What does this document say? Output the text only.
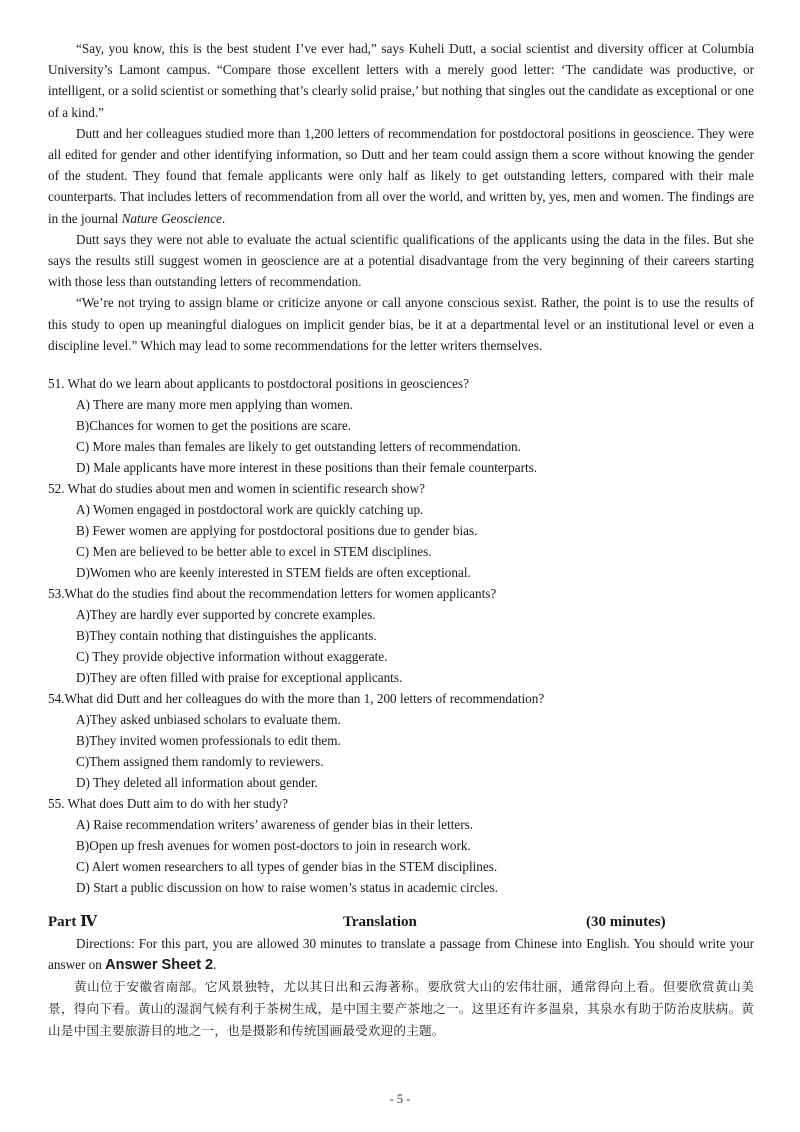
“Say, you know, this is the best student I’ve ever had,” says Kuheli Dutt, a social scientist and diversity officer at Columbia University’s Lamont campus. “Compare those excellent letters with a merely good letter: ‘The candidate was productive, or intelligent, or a solid scientist or something that’s clearly solid praise,’ but nothing that singles out the candidate as exceptional or one of a kind.”

Dutt and her colleagues studied more than 1,200 letters of recommendation for postdoctoral positions in geoscience. They were all edited for gender and other identifying information, so Dutt and her team could assign them a score without knowing the gender of the student. They found that female applicants were only half as likely to get outstanding letters, compared with their male counterparts. That includes letters of recommendation from all over the world, and written by, yes, men and women. The findings are in the journal Nature Geoscience.

Dutt says they were not able to evaluate the actual scientific qualifications of the applicants using the data in the files. But she says the results still suggest women in geoscience are at a potential disadvantage from the very beginning of their careers starting with those less than outstanding letters of recommendation.

“We’re not trying to assign blame or criticize anyone or call anyone conscious sexist. Rather, the point is to use the results of this study to open up meaningful dialogues on implicit gender bias, be it at a departmental level or an institutional level or even a discipline level.” Which may lead to some recommendations for the letter writers themselves.

51. What do we learn about applicants to postdoctoral positions in geosciences?

A) There are many more men applying than women.

B)Chances for women to get the positions are scare.

C) More males than females are likely to get outstanding letters of recommendation.

D) Male applicants have more interest in these positions than their female counterparts.

52. What do studies about men and women in scientific research show?

A) Women engaged in postdoctoral work are quickly catching up.

B) Fewer women are applying for postdoctoral positions due to gender bias.

C) Men are believed to be better able to excel in STEM disciplines.

D)Women who are keenly interested in STEM fields are often exceptional.

53.What do the studies find about the recommendation letters for women applicants?

A)They are hardly ever supported by concrete examples.

B)They contain nothing that distinguishes the applicants.

C) They provide objective information without exaggerate.

D)They are often filled with praise for exceptional applicants.

54.What did Dutt and her colleagues do with the more than 1, 200 letters of recommendation?

A)They asked unbiased scholars to evaluate them.

B)They invited women professionals to edit them.

C)Them assigned them randomly to reviewers.

D) They deleted all information about gender.

55. What does Dutt aim to do with her study?

A) Raise recommendation writers’ awareness of gender bias in their letters.

B)Open up fresh avenues for women post-doctors to join in research work.

C) Alert women researchers to all types of gender bias in the STEM disciplines.

D) Start a public discussion on how to raise women’s status in academic circles.

Part Ⅳ	Translation	(30 minutes)

Directions: For this part, you are allowed 30 minutes to translate a passage from Chinese into English. You should write your answer on Answer Sheet 2.

黄山位于安徽省南部。它风景独特，尤以其日出和云海著称。要欣赏大山的宏伟壮丽，通常得向上看。但要欣赏黄山美景，得向下看。黄山的湿润气候有利于茶树生成，是中国主要产茶地之一。这里还有许多温泉，其泉水有助于防治皮肤病。黄山是中国主要旅游目的地之一，也是摄影和传统国画最受欢迎的主题。

- 5 -
